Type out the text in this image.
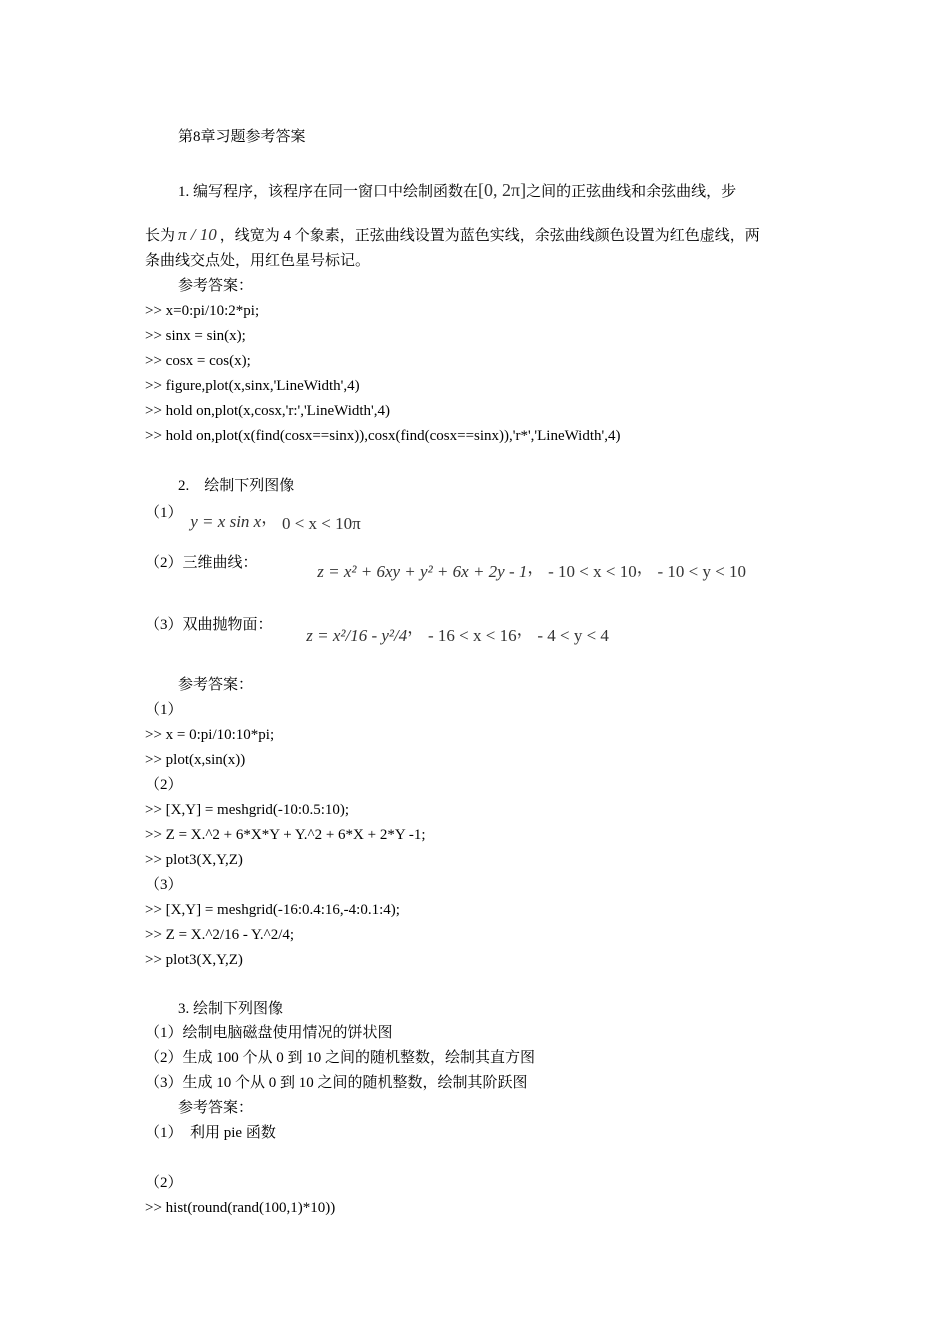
第8章习题参考答案
1. 编写程序，该程序在同一窗口中绘制函数在[0, 2π]之间的正弦曲线和余弦曲线，步
长为 π / 10 ，线宽为 4 个象素，正弦曲线设置为蓝色实线，余弦曲线颜色设置为红色虚线，两
条曲线交点处，用红色星号标记。
参考答案：
>> x=0:pi/10:2*pi;
>> sinx = sin(x);
>> cosx = cos(x);
>> figure,plot(x,sinx,'LineWidth',4)
>> hold on,plot(x,cosx,'r:','LineWidth',4)
>> hold on,plot(x(find(cosx==sinx)),cosx(find(cosx==sinx)),'r*','LineWidth',4)
2.　绘制下列图像
（1） y = x sin x， 0 < x < 10π
（2）三维曲线：	z = x² + 6xy + y² + 6x + 2y - 1， - 10 < x < 10， - 10 < y < 10
（3）双曲抛物面： z = x²/16 - y²/4， - 16 < x < 16， - 4 < y < 4
参考答案：
（1）
>> x = 0:pi/10:10*pi;
>> plot(x,sin(x))
（2）
>> [X,Y] = meshgrid(-10:0.5:10);
>> Z = X.^2 + 6*X*Y + Y.^2 + 6*X + 2*Y -1;
>> plot3(X,Y,Z)
（3）
>> [X,Y] = meshgrid(-16:0.4:16,-4:0.1:4);
>> Z = X.^2/16 - Y.^2/4;
>> plot3(X,Y,Z)
3. 绘制下列图像
（1）绘制电脑磁盘使用情况的饼状图
（2）生成 100 个从 0 到 10 之间的随机整数，绘制其直方图
（3）生成 10 个从 0 到 10 之间的随机整数，绘制其阶跃图
参考答案：
（1）　利用 pie 函数
（2）
>> hist(round(rand(100,1)*10))
